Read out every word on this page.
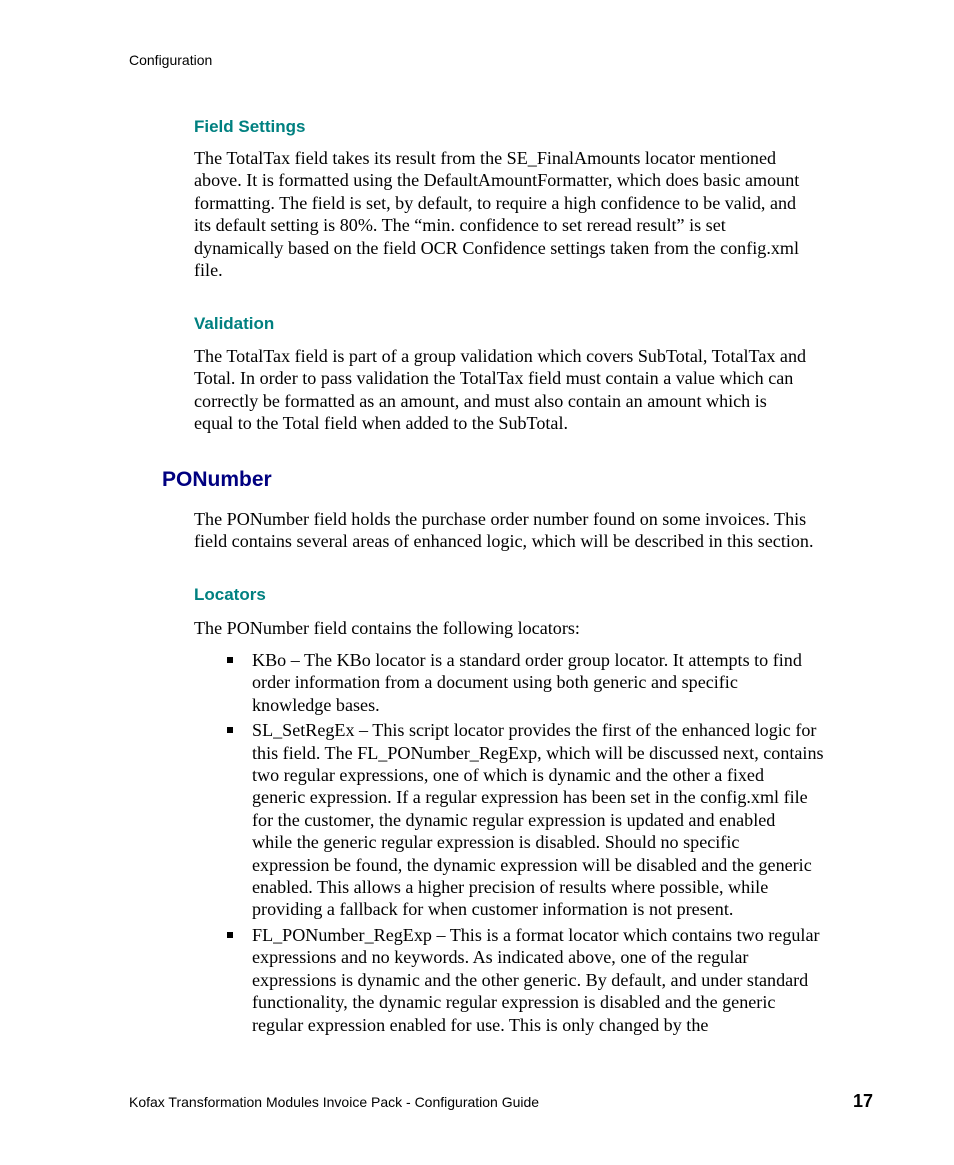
Configuration
Field Settings
The TotalTax field takes its result from the SE_FinalAmounts locator mentioned
above. It is formatted using the DefaultAmountFormatter, which does basic amount
formatting. The field is set, by default, to require a high confidence to be valid, and
its default setting is 80%. The “min. confidence to set reread result” is set
dynamically based on the field OCR Confidence settings taken from the config.xml
file.
Validation
The TotalTax field is part of a group validation which covers SubTotal, TotalTax and
Total. In order to pass validation the TotalTax field must contain a value which can
correctly be formatted as an amount, and must also contain an amount which is
equal to the Total field when added to the SubTotal.
PONumber
The PONumber field holds the purchase order number found on some invoices. This
field contains several areas of enhanced logic, which will be described in this section.
Locators
The PONumber field contains the following locators:
KBo – The KBo locator is a standard order group locator. It attempts to find
order information from a document using both generic and specific
knowledge bases.
SL_SetRegEx – This script locator provides the first of the enhanced logic for
this field. The FL_PONumber_RegExp, which will be discussed next, contains
two regular expressions, one of which is dynamic and the other a fixed
generic expression. If a regular expression has been set in the config.xml file
for the customer, the dynamic regular expression is updated and enabled
while the generic regular expression is disabled. Should no specific
expression be found, the dynamic expression will be disabled and the generic
enabled. This allows a higher precision of results where possible, while
providing a fallback for when customer information is not present.
FL_PONumber_RegExp – This is a format locator which contains two regular
expressions and no keywords. As indicated above, one of the regular
expressions is dynamic and the other generic. By default, and under standard
functionality, the dynamic regular expression is disabled and the generic
regular expression enabled for use. This is only changed by the
Kofax Transformation Modules Invoice Pack - Configuration Guide	17
